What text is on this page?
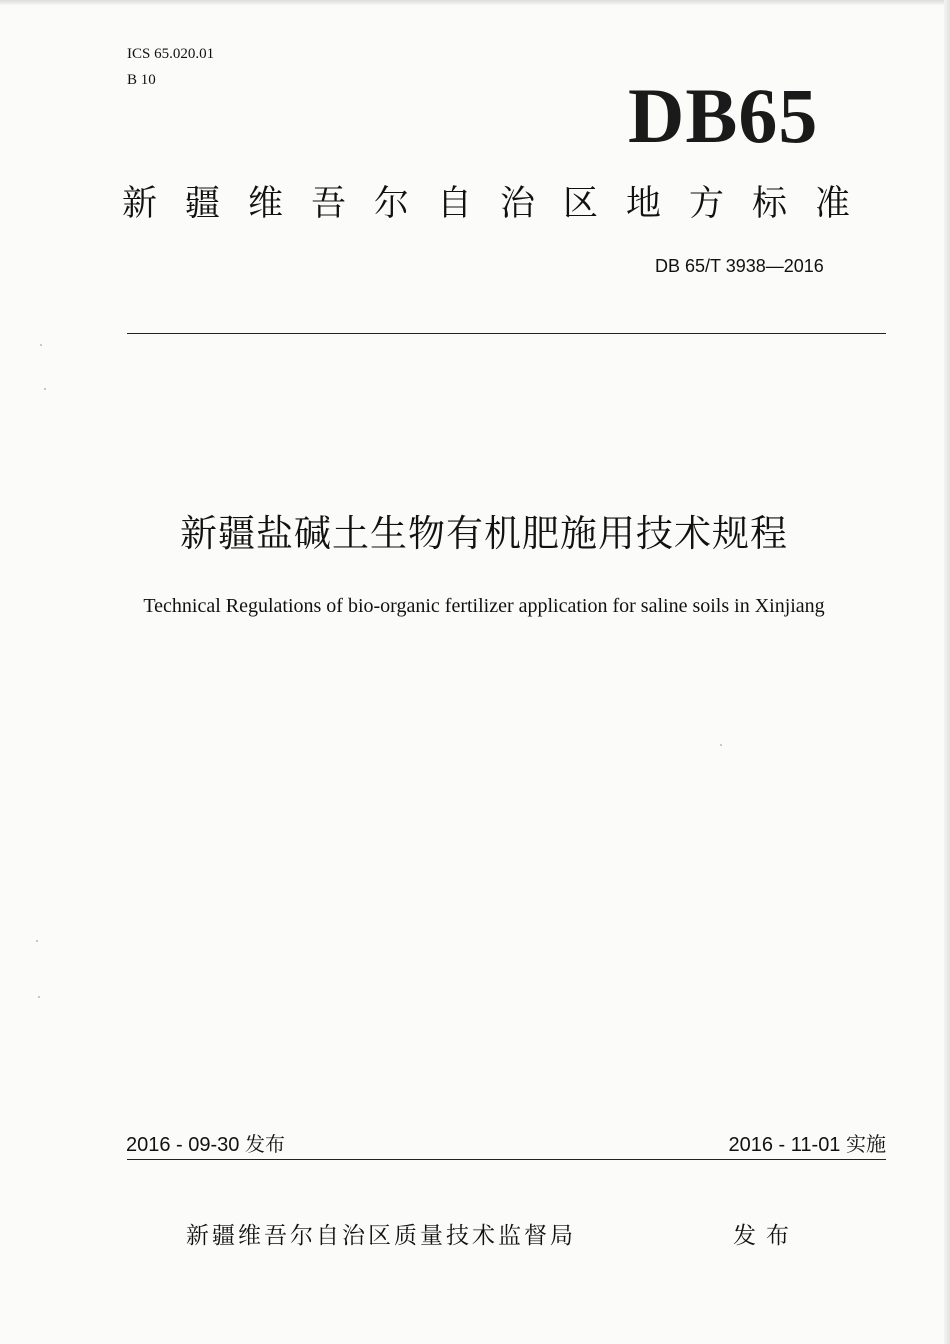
ICS 65.020.01
B 10	DB65
新疆维吾尔自治区地方标准
DB 65/T 3938—2016
新疆盐碱土生物有机肥施用技术规程
Technical Regulations of bio-organic fertilizer application for saline soils in Xinjiang
2016 - 09-30 发布	2016 - 11-01 实施
新疆维吾尔自治区质量技术监督局	发布
